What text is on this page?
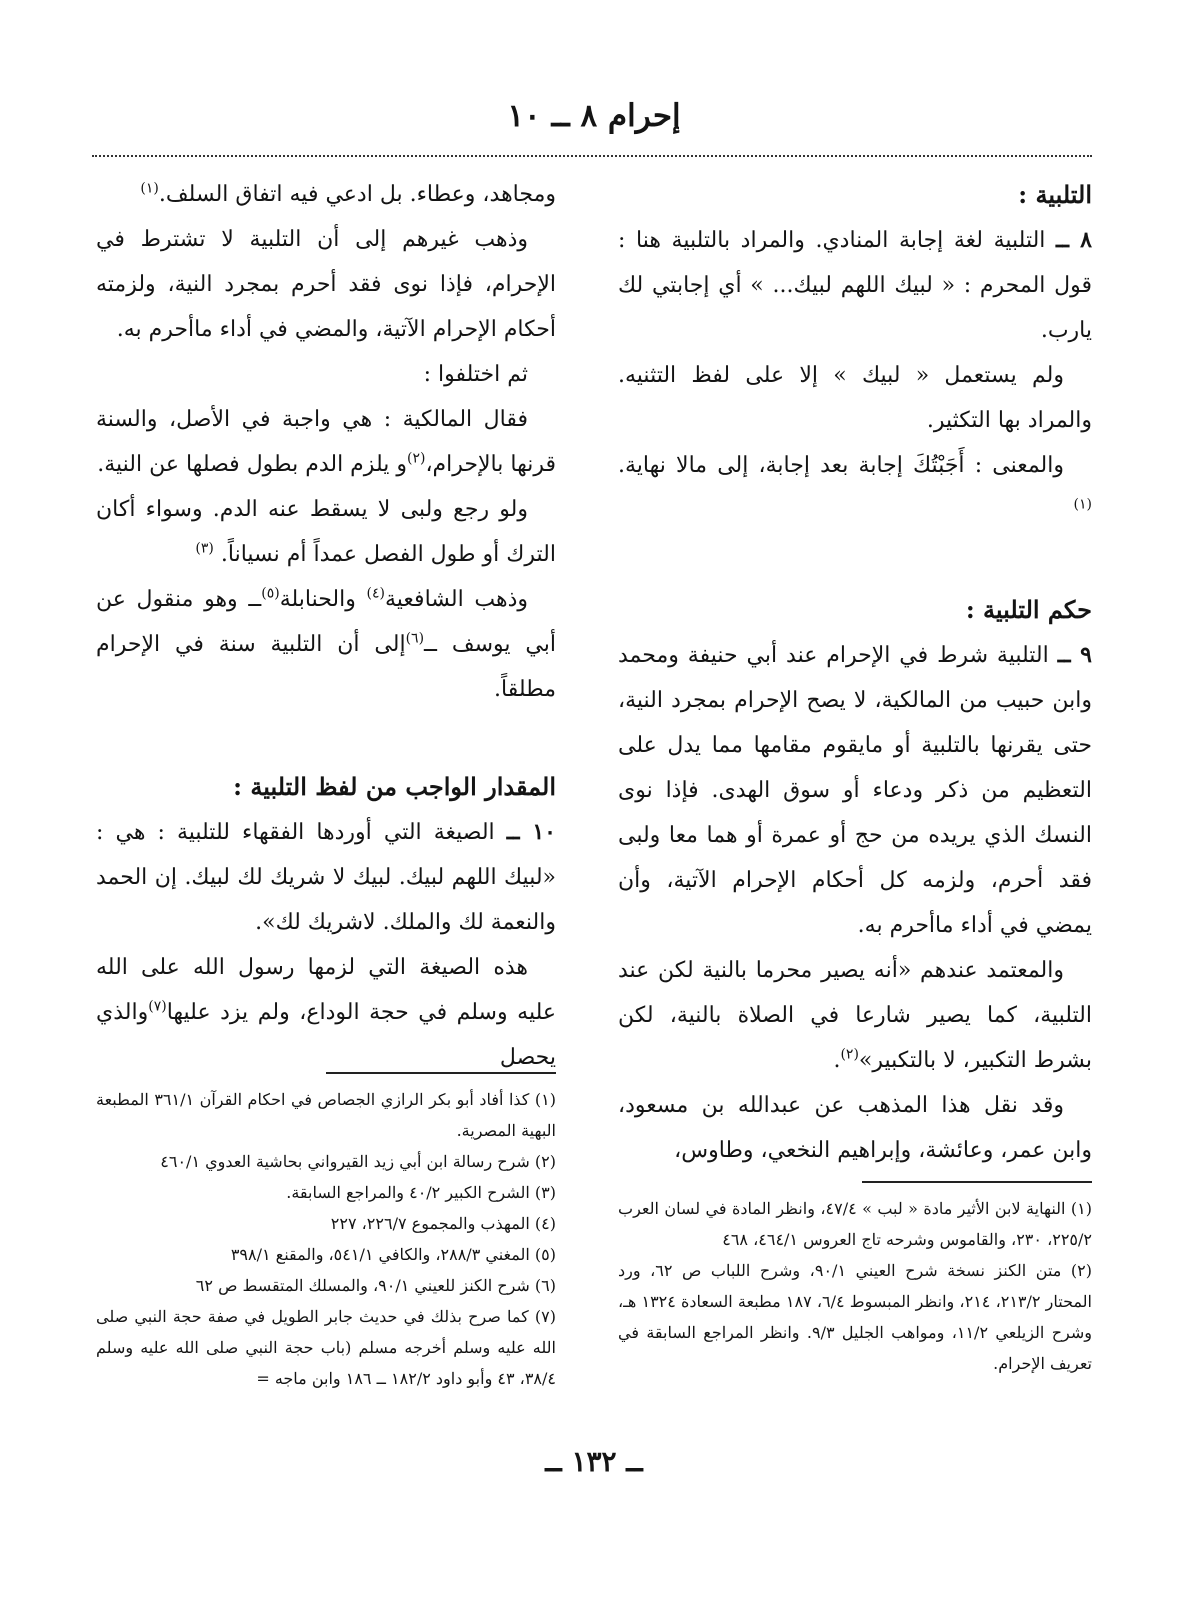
إحرام ٨ ــ ١٠
التلبية :

٨ ــ التلبية لغة إجابة المنادي. والمراد بالتلبية هنا : قول المحرم : « لبيك اللهم لبيك... » أي إجابتي لك يارب.

ولم يستعمل « لبيك » إلا على لفظ التثنيه. والمراد بها التكثير.

والمعنى : أَجَبْتُكَ إجابة بعد إجابة، إلى مالا نهاية. $^{(١)}$

حكم التلبية :

٩ ــ التلبية شرط في الإحرام عند أبي حنيفة ومحمد وابن حبيب من المالكية، لا يصح الإحرام بمجرد النية، حتى يقرنها بالتلبية أو مايقوم مقامها مما يدل على التعظيم من ذكر ودعاء أو سوق الهدى. فإذا نوى النسك الذي يريده من حج أو عمرة أو هما معا ولبى فقد أحرم، ولزمه كل أحكام الإحرام الآتية، وأن يمضي في أداء ماأحرم به.

والمعتمد عندهم «أنه يصير محرما بالنية لكن عند التلبية، كما يصير شارعا في الصلاة بالنية، لكن بشرط التكبير، لا بالتكبير»$^{(٢)}$.

وقد نقل هذا المذهب عن عبدالله بن مسعود، وابن عمر، وعائشة، وإبراهيم النخعي، وطاوس،

ومجاهد، وعطاء. بل ادعي فيه اتفاق السلف.$^{(١)}$

وذهب غيرهم إلى أن التلبية لا تشترط في الإحرام، فإذا نوى فقد أحرم بمجرد النية، ولزمته أحكام الإحرام الآتية، والمضي في أداء ماأحرم به.

ثم اختلفوا :

فقال المالكية : هي واجبة في الأصل، والسنة قرنها بالإحرام،$^{(٢)}$و يلزم الدم بطول فصلها عن النية.

ولو رجع ولبى لا يسقط عنه الدم. وسواء أكان الترك أو طول الفصل عمداً أم نسياناً. $^{(٣)}$

وذهب الشافعية$^{(٤)}$ والحنابلة$^{(٥)}$ــ وهو منقول عن أبي يوسف ــ$^{(٦)}$إلى أن التلبية سنة في الإحرام مطلقاً.

المقدار الواجب من لفظ التلبية :

١٠ ــ الصيغة التي أوردها الفقهاء للتلبية : هي : «لبيك اللهم لبيك. لبيك لا شريك لك لبيك. إن الحمد والنعمة لك والملك. لاشريك لك».

هذه الصيغة التي لزمها رسول الله على الله عليه وسلم في حجة الوداع، ولم يزد عليها$^{(٧)}$والذي يحصل

(١) النهاية لابن الأثير مادة « لبب » ٤٧/٤، وانظر المادة في لسان العرب ٢٢٥/٢، ٢٣٠، والقاموس وشرحه تاج العروس ٤٦٤/١، ٤٦٨

(٢) متن الكنز نسخة شرح العيني ٩٠/١، وشرح اللباب ص ٦٢، ورد المحتار ٢١٣/٢، ٢١٤، وانظر المبسوط ٦/٤، ١٨٧ مطبعة السعادة ١٣٢٤ هـ، وشرح الزيلعي ١١/٢، ومواهب الجليل ٩/٣. وانظر المراجع السابقة في تعريف الإحرام.

(١) كذا أفاد أبو بكر الرازي الجصاص في احكام القرآن ٣٦١/١ المطبعة البهية المصرية.

(٢) شرح رسالة ابن أبي زيد القيرواني بحاشية العدوي ٤٦٠/١

(٣) الشرح الكبير ٤٠/٢ والمراجع السابقة.

(٤) المهذب والمجموع ٢٢٦/٧، ٢٢٧

(٥) المغني ٢٨٨/٣، والكافي ٥٤١/١، والمقنع ٣٩٨/١

(٦) شرح الكنز للعيني ٩٠/١، والمسلك المتقسط ص ٦٢

(٧) كما صرح بذلك في حديث جابر الطويل في صفة حجة النبي صلى الله عليه وسلم أخرجه مسلم (باب حجة النبي صلى الله عليه وسلم ٣٨/٤، ٤٣ وأبو داود ١٨٢/٢ ــ ١٨٦ وابن ماجه =

ــ ١٣٢ ــ
